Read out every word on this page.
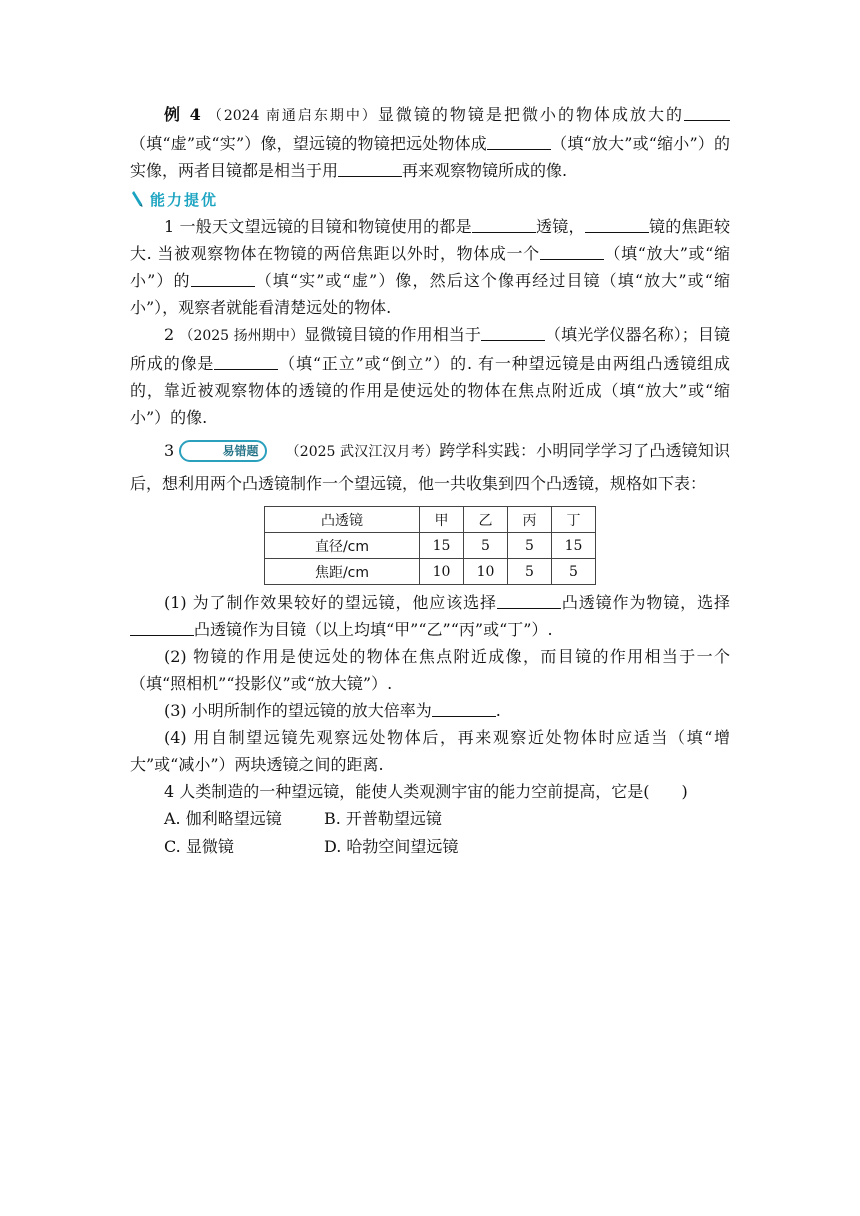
例 4 （2024 南通启东期中）显微镜的物镜是把微小的物体成放大的（填“虚”或“实”）像，望远镜的物镜把远处物体成	（填“放大”或“缩小”）的实像，两者目镜都是相当于用	再来观察物镜所成的像.

能力提优

1 一般天文望远镜的目镜和物镜使用的都是	透镜，	镜的焦距较大. 当被观察物体在物镜的两倍焦距以外时，物体成一个	（填“放大”或“缩小”）的	（填“实”或“虚”）像，然后这个像再经过目镜（填“放大”或“缩小”），观察者就能看清楚远处的物体.

2 （2025 扬州期中）显微镜目镜的作用相当于	（填光学仪器名称）；目镜所成的像是	（填“正立”或“倒立”）的. 有一种望远镜是由两组凸透镜组成的，靠近被观察物体的透镜的作用是使远处的物体在焦点附近成（填“放大”或“缩小”）的像.

3	易错题 （2025 武汉江汉月考）跨学科实践：小明同学学习了凸透镜知识后，想利用两个凸透镜制作一个望远镜，他一共收集到四个凸透镜，规格如下表：

凸透镜	甲	乙	丙	丁
直径/cm	15	5	5	15
焦距/cm	10	10	5	5

(1) 为了制作效果较好的望远镜，他应该选择	凸透镜作为物镜，选择凸透镜作为目镜（以上均填“甲”“乙”“丙”或“丁”）.

(2) 物镜的作用是使远处的物体在焦点附近成像，而目镜的作用相当于一个（填“照相机”“投影仪”或“放大镜”）.

(3) 小明所制作的望远镜的放大倍率为	.

(4) 用自制望远镜先观察远处物体后，再来观察近处物体时应适当（填“增大”或“减小”）两块透镜之间的距离.

4 人类制造的一种望远镜，能使人类观测宇宙的能力空前提高，它是(　　)

A. 伽利略望远镜	B. 开普勒望远镜
C. 显微镜	D. 哈勃空间望远镜
